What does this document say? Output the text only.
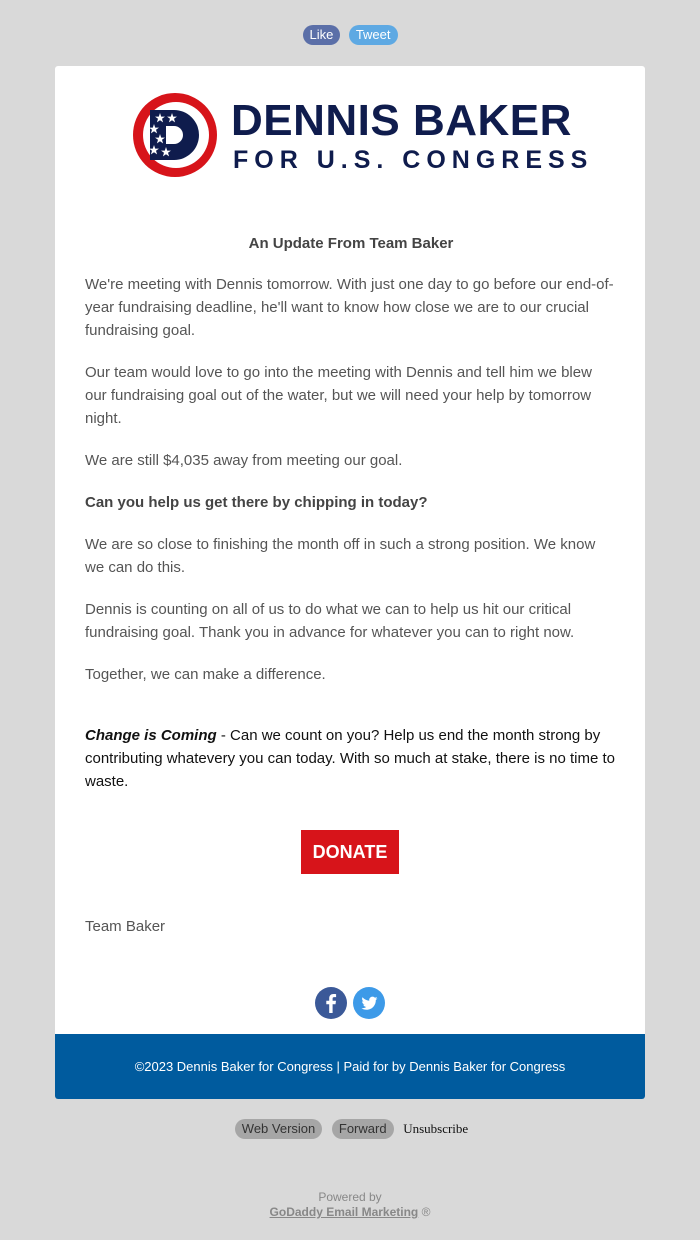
Like Tweet
DENNIS BAKER
FOR U.S. CONGRESS
An Update From Team Baker

We're meeting with Dennis tomorrow. With just one day to go before our end-of-year fundraising deadline, he'll want to know how close we are to our crucial fundraising goal.

Our team would love to go into the meeting with Dennis and tell him we blew our fundraising goal out of the water, but we will need your help by tomorrow night.

We are still $4,035 away from meeting our goal.

Can you help us get there by chipping in today?

We are so close to finishing the month off in such a strong position. We know we can do this.

Dennis is counting on all of us to do what we can to help us hit our critical fundraising goal. Thank you in advance for whatever you can to right now.

Together, we can make a difference.

Change is Coming - Can we count on you? Help us end the month strong by contributing whatevery you can today. With so much at stake, there is no time to waste.

DONATE
Team Baker

©2023 Dennis Baker for Congress | Paid for by Dennis Baker for Congress
Web Version Forward Unsubscribe
Powered by
GoDaddy Email Marketing ®
